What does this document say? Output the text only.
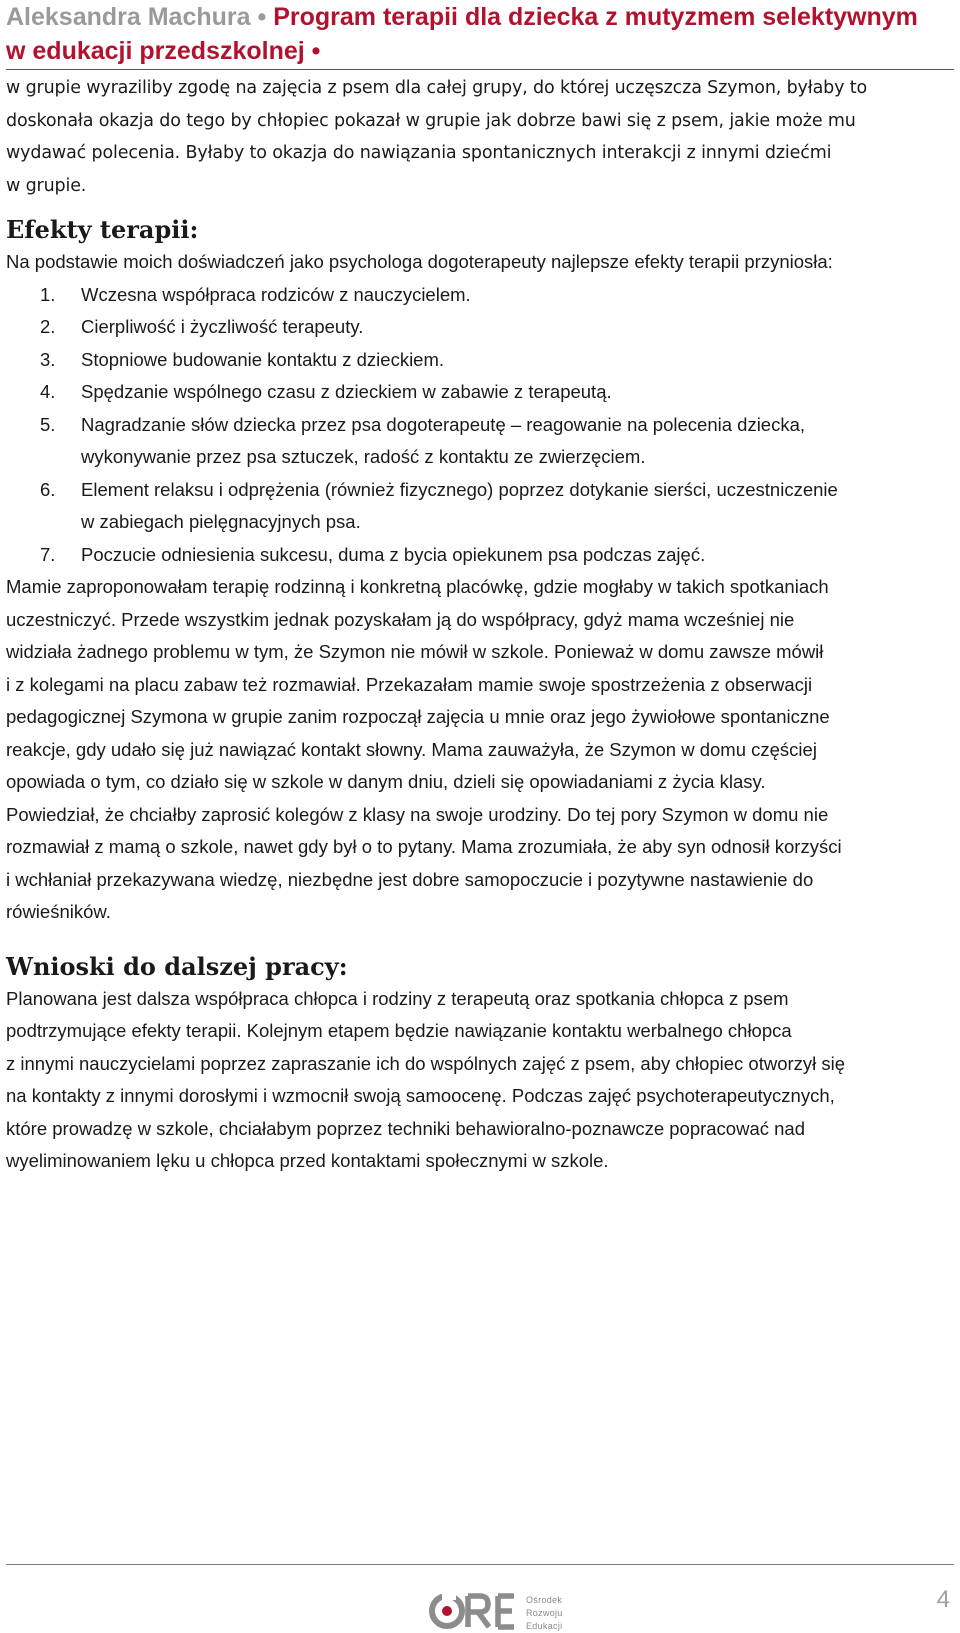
Aleksandra Machura • Program terapii dla dziecka z mutyzmem selektywnym
w edukacji przedszkolnej •

w grupie wyraziliby zgodę na zajęcia z psem dla całej grupy, do której uczęszcza Szymon, byłaby to

doskonała okazja do tego by chłopiec pokazał w grupie jak dobrze bawi się z psem, jakie może mu

wydawać polecenia. Byłaby to okazja do nawiązania spontanicznych interakcji z innymi dziećmi

w grupie.

Efekty terapii:

Na podstawie moich doświadczeń jako psychologa dogoterapeuty najlepsze efekty terapii przyniosła:

1. Wczesna współpraca rodziców z nauczycielem.
2. Cierpliwość i życzliwość terapeuty.
3. Stopniowe budowanie kontaktu z dzieckiem.
4. Spędzanie wspólnego czasu z dzieckiem w zabawie z terapeutą.
5. Nagradzanie słów dziecka przez psa dogoterapeutę – reagowanie na polecenia dziecka,
wykonywanie przez psa sztuczek, radość z kontaktu ze zwierzęciem.
6. Element relaksu i odprężenia (również fizycznego) poprzez dotykanie sierści, uczestniczenie
w zabiegach pielęgnacyjnych psa.
7. Poczucie odniesienia sukcesu, duma z bycia opiekunem psa podczas zajęć.

Mamie zaproponowałam terapię rodzinną i konkretną placówkę, gdzie mogłaby w takich spotkaniach

uczestniczyć. Przede wszystkim jednak pozyskałam ją do współpracy, gdyż mama wcześniej nie

widziała żadnego problemu w tym, że Szymon nie mówił w szkole. Ponieważ w domu zawsze mówił

i z kolegami na placu zabaw też rozmawiał. Przekazałam mamie swoje spostrzeżenia z obserwacji

pedagogicznej Szymona w grupie zanim rozpoczął zajęcia u mnie oraz jego żywiołowe spontaniczne

reakcje, gdy udało się już nawiązać kontakt słowny. Mama zauważyła, że Szymon w domu częściej

opowiada o tym, co działo się w szkole w danym dniu, dzieli się opowiadaniami z życia klasy.

Powiedział, że chciałby zaprosić kolegów z klasy na swoje urodziny. Do tej pory Szymon w domu nie

rozmawiał z mamą o szkole, nawet gdy był o to pytany. Mama zrozumiała, że aby syn odnosił korzyści

i wchłaniał przekazywana wiedzę, niezbędne jest dobre samopoczucie i pozytywne nastawienie do

rówieśników.

Wnioski do dalszej pracy:

Planowana jest dalsza współpraca chłopca i rodziny z terapeutą oraz spotkania chłopca z psem

podtrzymujące efekty terapii. Kolejnym etapem będzie nawiązanie kontaktu werbalnego chłopca

z innymi nauczycielami poprzez zapraszanie ich do wspólnych zajęć z psem, aby chłopiec otworzył się

na kontakty z innymi dorosłymi i wzmocnił swoją samoocenę. Podczas zajęć psychoterapeutycznych,

które prowadzę w szkole, chciałabym poprzez techniki behawioralno-poznawcze popracować nad

wyeliminowaniem lęku u chłopca przed kontaktami społecznymi w szkole.

Ośrodek
Rozwoju
Edukacji
4
